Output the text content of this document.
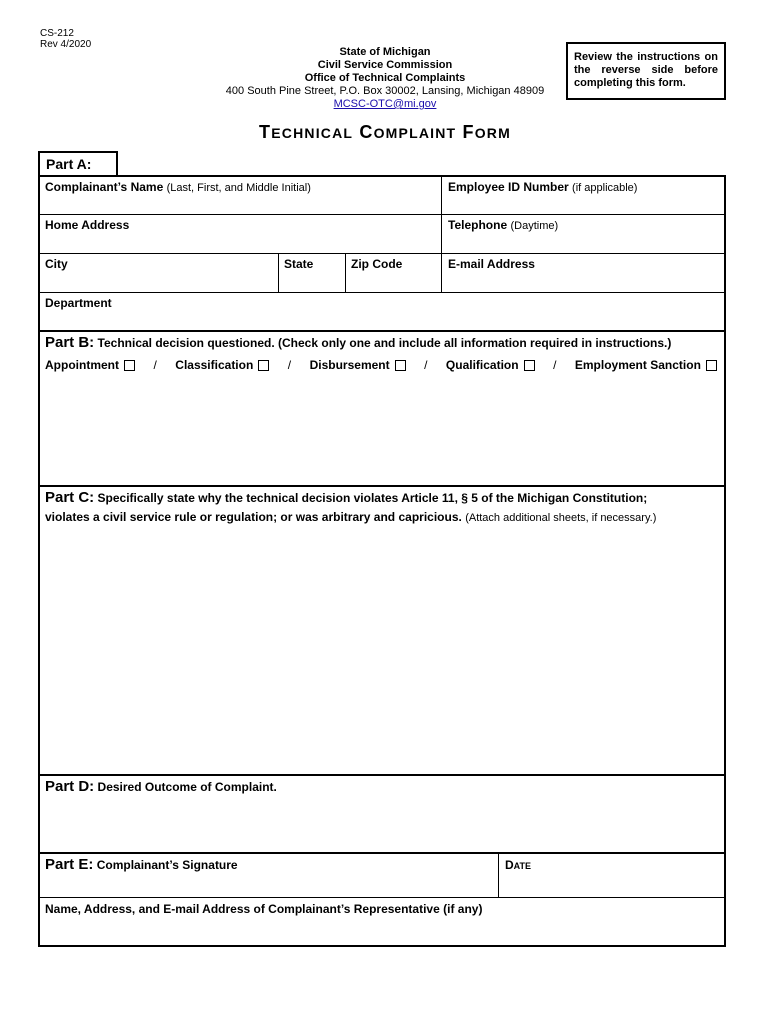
CS-212
Rev 4/2020
State of Michigan
Civil Service Commission
Office of Technical Complaints
400 South Pine Street, P.O. Box 30002, Lansing, Michigan 48909
MCSC-OTC@mi.gov
Review the instructions on the reverse side before completing this form.
TECHNICAL COMPLAINT FORM
Part A:
Complainant’s Name (Last, First, and Middle Initial)	Employee ID Number (if applicable)
Home Address	Telephone (Daytime)
City	State	Zip Code	E-mail Address
Department
Part B: Technical decision questioned. (Check only one and include all information required in instructions.)
Appointment	/ Classification	/ Disbursement	/ Qualification	/ Employment Sanction
Part C: Specifically state why the technical decision violates Article 11, § 5 of the Michigan Constitution;
violates a civil service rule or regulation; or was arbitrary and capricious. (Attach additional sheets, if necessary.)
Part D: Desired Outcome of Complaint.
Part E: Complainant’s Signature	DATE
Name, Address, and E-mail Address of Complainant’s Representative (if any)
